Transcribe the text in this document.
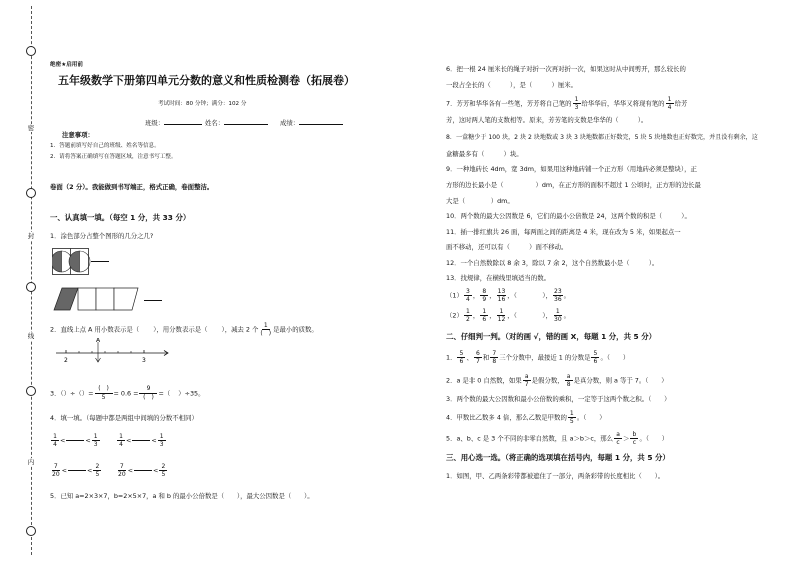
密
封
线
内
绝密★启用前
五年级数学下册第四单元分数的意义和性质检测卷（拓展卷）
考试时间：80 分钟；满分：102 分
班级：	姓名：	成绩：
注意事项：
1．答题前填写好自己的班级、姓名等信息。
2．请将答案正确填写在答题区域，注意书写工整。
卷面（2 分）。我能做到书写端正，格式正确，卷面整洁。
一、认真填一填。（每空 1 分，共 33 分）
1．涂色部分占整个图形的几分之几?

2．直线上点 A 用小数表示是（ ），用分数表示是（ ），减去 2 个 $\frac{1}{( )}$ 是最小的质数。
A
2	3
3．（）÷（）= $\frac{( )}{5} = 0.6 = \frac{9}{( )}$ =（ ）÷35。
4．填一填。（每题中都是两组中间填的分数不相同）
$\frac{1}{4}$ <

	< $\frac{1}{3}$	$\frac{1}{4}$ <

	< $\frac{1}{3}$
$\frac{7}{20}$ <

	< $\frac{2}{5}$	$\frac{7}{20}$ <

	< $\frac{2}{5}$
5．已知 a=2×3×7，b=2×5×7，a 和 b 的最小公倍数是（　　），最大公因数是（　　）。
6．把一根 24 厘米长的绳子对折一次再对折一次，如果这时从中间剪开，那么较长的
一段占全长的（　　　），是（　　　）厘米。
7．芳芳和华华各有一些笔，芳芳将自己笔的 $\frac{1}{3}$ 给华华后，华华又将现有笔的 $\frac{1}{4}$ 给芳
芳，这时两人笔的支数相等。原来，芳芳笔的支数是华华的（　　　）。
8．一盒糖少于 100 块，2 块 2 块地数或 3 块 3 块地数都正好数完，5 块 5 块地数也正好数完，并且没有剩余，这
盒糖最多有（　　　）块。
9．一种地砖长 4dm，宽 3dm，如果用这种地砖铺一个正方形（用地砖必须是整块），正
方形的边长最小是（　　　　　）dm，在正方形的面积不超过 1 公顷时，正方形的边长最
大是（　　　　）dm。
10．两个数的最大公因数是 6，它们的最小公倍数是 24，这两个数的积是（　　　）。
11．插一排红旗共 26 面，每两面之间的距离是 4 米，现在改为 5 米，如果起点一
面不移动，还可以有（　　　）面不移动。
12．一个自然数除以 8 余 3，除以 7 余 2，这个自然数最小是（　　　）。
13．找规律，在横线里填适当的数。
$(1) \frac{3}{4}$ ， $\frac{8}{9}$ ， $\frac{13}{16}$ ，（　　　　）， $\frac{23}{36}$ 。
$(2) \frac{1}{2}$ ， $\frac{1}{6}$ ， $\frac{1}{12}$ ，（　　　　）， $\frac{1}{30}$ 。
二、仔细判一判。（对的画 √，错的画 X，每题 1 分，共 5 分）
1． $\frac{5}{6}$ 、 $\frac{6}{7}$ 和 $\frac{7}{8}$ 三个分数中，最接近 1 的分数是 $\frac{5}{6}$ 。（　　）
2．a 是非 0 自然数，如果 $\frac{a}{7}$ 是假分数， $\frac{a}{8}$ 是真分数，则 a 等于 7。（　　）
3．两个数的最大公因数和最小公倍数的乘积，一定等于这两个数之积。（　　）
4．甲数比乙数多 4 倍，那么乙数是甲数的 $\frac{1}{5}$ 。（　　）
5．a、b、c 是 3 个不同的非零自然数，且 a＞b＞c，那么 $\frac{a}{c} > \frac{b}{c}$ 。（　　）
三、用心选一选。（将正确的选项填在括号内，每题 1 分，共 5 分）
1．如图，甲、乙两条彩带都被遮住了一部分，两条彩带的长度相比（　　）。
